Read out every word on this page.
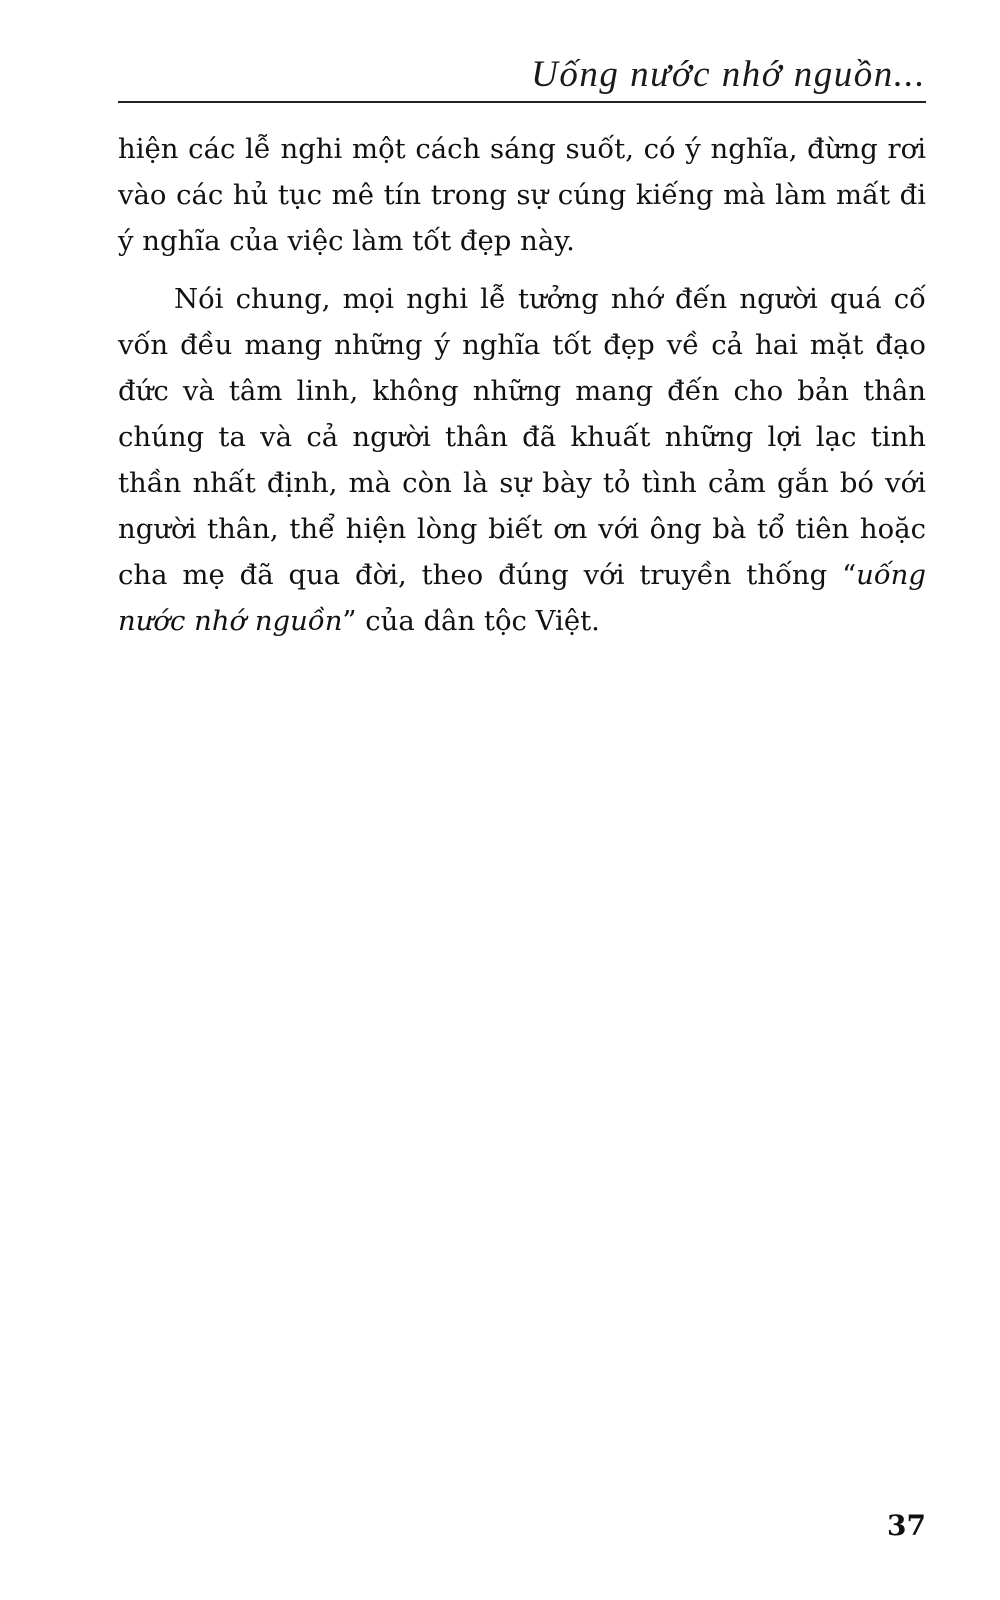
Uống nước nhớ nguồn...

hiện các lễ nghi một cách sáng suốt, có ý nghĩa, đừng rơi vào các hủ tục mê tín trong sự cúng kiếng mà làm mất đi ý nghĩa của việc làm tốt đẹp này.

Nói chung, mọi nghi lễ tưởng nhớ đến người quá cố vốn đều mang những ý nghĩa tốt đẹp về cả hai mặt đạo đức và tâm linh, không những mang đến cho bản thân chúng ta và cả người thân đã khuất những lợi lạc tinh thần nhất định, mà còn là sự bày tỏ tình cảm gắn bó với người thân, thể hiện lòng biết ơn với ông bà tổ tiên hoặc cha mẹ đã qua đời, theo đúng với truyền thống “uống nước nhớ nguồn” của dân tộc Việt.

37
